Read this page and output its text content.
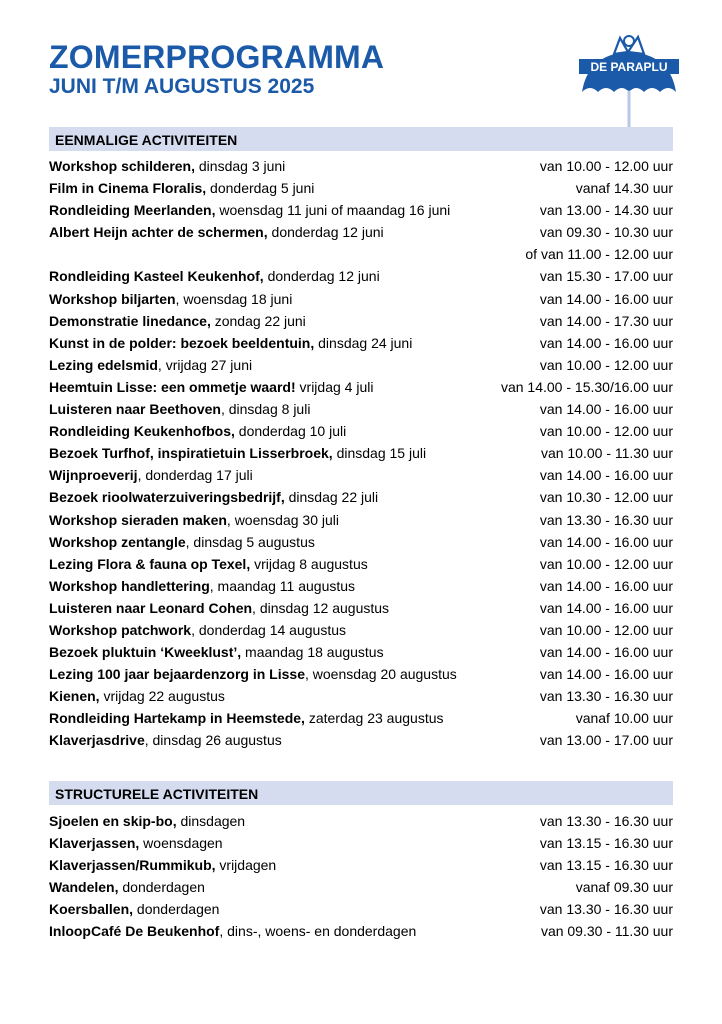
ZOMERPROGRAMMA
JUNI T/M AUGUSTUS 2025
DE PARAPLU
EENMALIGE ACTIVITEITEN
Workshop schilderen, dinsdag 3 juni	van 10.00 - 12.00 uur
Film in Cinema Floralis, donderdag 5 juni	vanaf 14.30 uur
Rondleiding Meerlanden, woensdag 11 juni of maandag 16 juni	van 13.00 - 14.30 uur
Albert Heijn achter de schermen, donderdag 12 juni	van 09.30 - 10.30 uur
of van 11.00 - 12.00 uur
Rondleiding Kasteel Keukenhof, donderdag 12 juni	van 15.30 - 17.00 uur
Workshop biljarten, woensdag 18 juni	van 14.00 - 16.00 uur
Demonstratie linedance, zondag 22 juni	van 14.00 - 17.30 uur
Kunst in de polder: bezoek beeldentuin, dinsdag 24 juni	van 14.00 - 16.00 uur
Lezing edelsmid, vrijdag 27 juni	van 10.00 - 12.00 uur
Heemtuin Lisse: een ommetje waard! vrijdag 4 juli	van 14.00 - 15.30/16.00 uur
Luisteren naar Beethoven, dinsdag 8 juli	van 14.00 - 16.00 uur
Rondleiding Keukenhofbos, donderdag 10 juli	van 10.00 - 12.00 uur
Bezoek Turfhof, inspiratietuin Lisserbroek, dinsdag 15 juli	van 10.00 - 11.30 uur
Wijnproeverij, donderdag 17 juli	van 14.00 - 16.00 uur
Bezoek rioolwaterzuiveringsbedrijf, dinsdag 22 juli	van 10.30 - 12.00 uur
Workshop sieraden maken, woensdag 30 juli	van 13.30 - 16.30 uur
Workshop zentangle, dinsdag 5 augustus	van 14.00 - 16.00 uur
Lezing Flora & fauna op Texel, vrijdag 8 augustus	van 10.00 - 12.00 uur
Workshop handlettering, maandag 11 augustus	van 14.00 - 16.00 uur
Luisteren naar Leonard Cohen, dinsdag 12 augustus	van 14.00 - 16.00 uur
Workshop patchwork, donderdag 14 augustus	van 10.00 - 12.00 uur
Bezoek pluktuin ‘Kweeklust’, maandag 18 augustus	van 14.00 - 16.00 uur
Lezing 100 jaar bejaardenzorg in Lisse, woensdag 20 augustus	van 14.00 - 16.00 uur
Kienen, vrijdag 22 augustus	van 13.30 - 16.30 uur
Rondleiding Hartekamp in Heemstede, zaterdag 23 augustus	vanaf 10.00 uur
Klaverjasdrive, dinsdag 26 augustus	van 13.00 - 17.00 uur
STRUCTURELE ACTIVITEITEN
Sjoelen en skip-bo, dinsdagen	van 13.30 - 16.30 uur
Klaverjassen, woensdagen	van 13.15 - 16.30 uur
Klaverjassen/Rummikub, vrijdagen	van 13.15 - 16.30 uur
Wandelen, donderdagen	vanaf 09.30 uur
Koersballen, donderdagen	van 13.30 - 16.30 uur
InloopCafé De Beukenhof, dins-, woens- en donderdagen	van 09.30 - 11.30 uur
